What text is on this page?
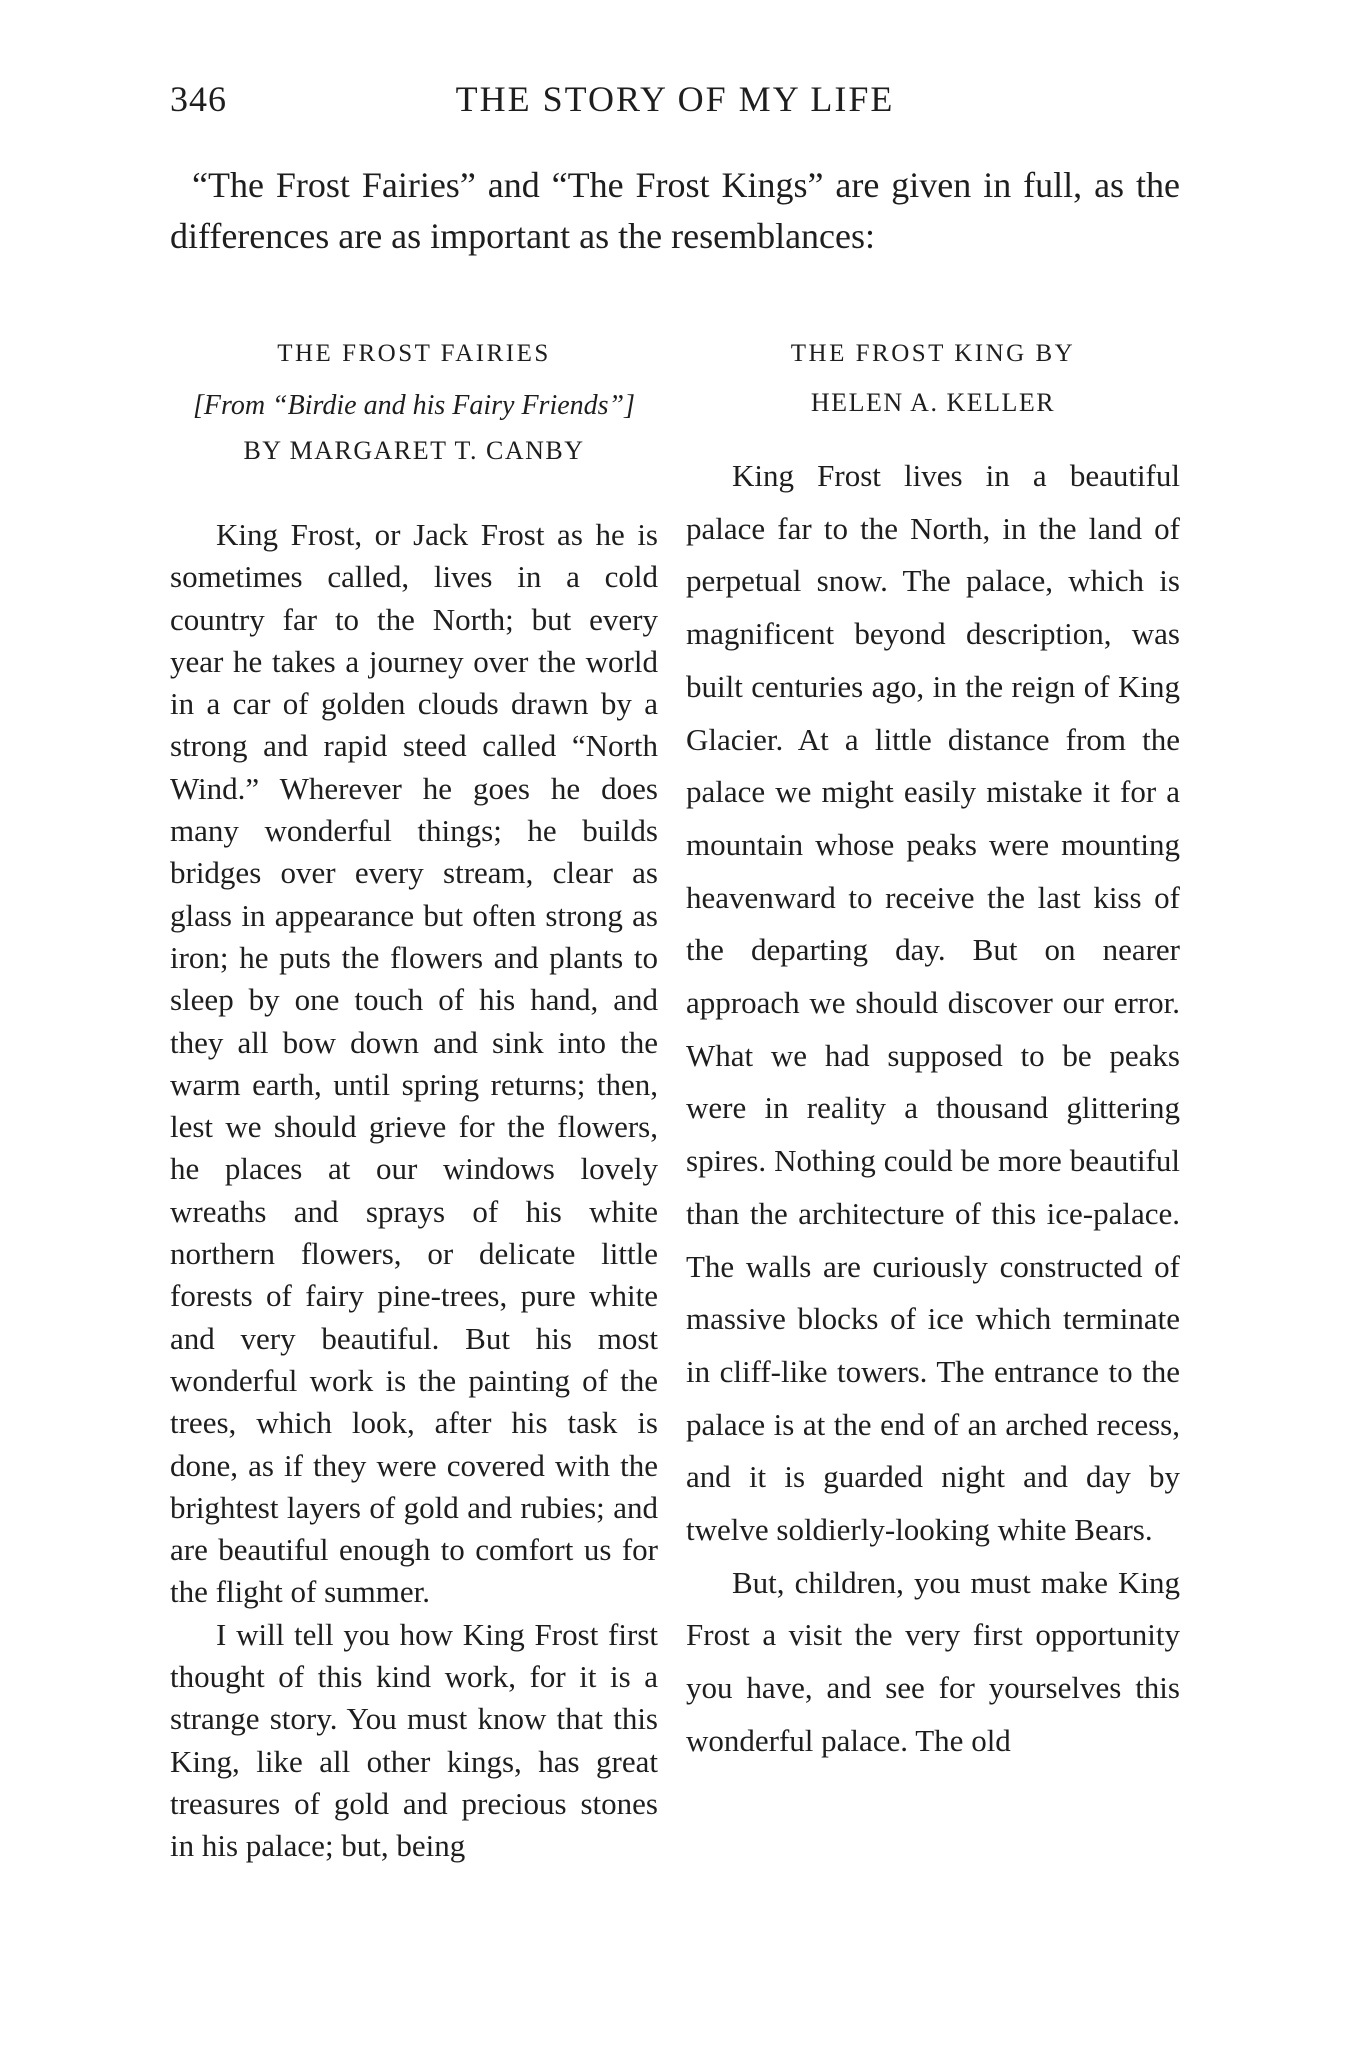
THE STORY OF MY LIFE
346

“The Frost Fairies” and “The Frost Kings” are given in full, as the differences are as important as the resemblances:

THE FROST FAIRIES

[From “Birdie and his Fairy Friends”]

BY MARGARET T. CANBY

King Frost, or Jack Frost as he is sometimes called, lives in a cold country far to the North; but every year he takes a journey over the world in a car of golden clouds drawn by a strong and rapid steed called “North Wind.” Wherever he goes he does many wonderful things; he builds bridges over every stream, clear as glass in appearance but often strong as iron; he puts the flowers and plants to sleep by one touch of his hand, and they all bow down and sink into the warm earth, until spring returns; then, lest we should grieve for the flowers, he places at our windows lovely wreaths and sprays of his white northern flowers, or delicate little forests of fairy pine-trees, pure white and very beautiful. But his most wonderful work is the painting of the trees, which look, after his task is done, as if they were covered with the brightest layers of gold and rubies; and are beautiful enough to comfort us for the flight of summer.

I will tell you how King Frost first thought of this kind work, for it is a strange story. You must know that this King, like all other kings, has great treasures of gold and precious stones in his palace; but, being

THE FROST KING BY

HELEN A. KELLER

King Frost lives in a beautiful palace far to the North, in the land of perpetual snow. The palace, which is magnificent beyond description, was built centuries ago, in the reign of King Glacier. At a little distance from the palace we might easily mistake it for a mountain whose peaks were mounting heavenward to receive the last kiss of the departing day. But on nearer approach we should discover our error. What we had supposed to be peaks were in reality a thousand glittering spires. Nothing could be more beautiful than the architecture of this ice-palace. The walls are curiously constructed of massive blocks of ice which terminate in cliff-like towers. The entrance to the palace is at the end of an arched recess, and it is guarded night and day by twelve soldierly-looking white Bears.

But, children, you must make King Frost a visit the very first opportunity you have, and see for yourselves this wonderful palace. The old
